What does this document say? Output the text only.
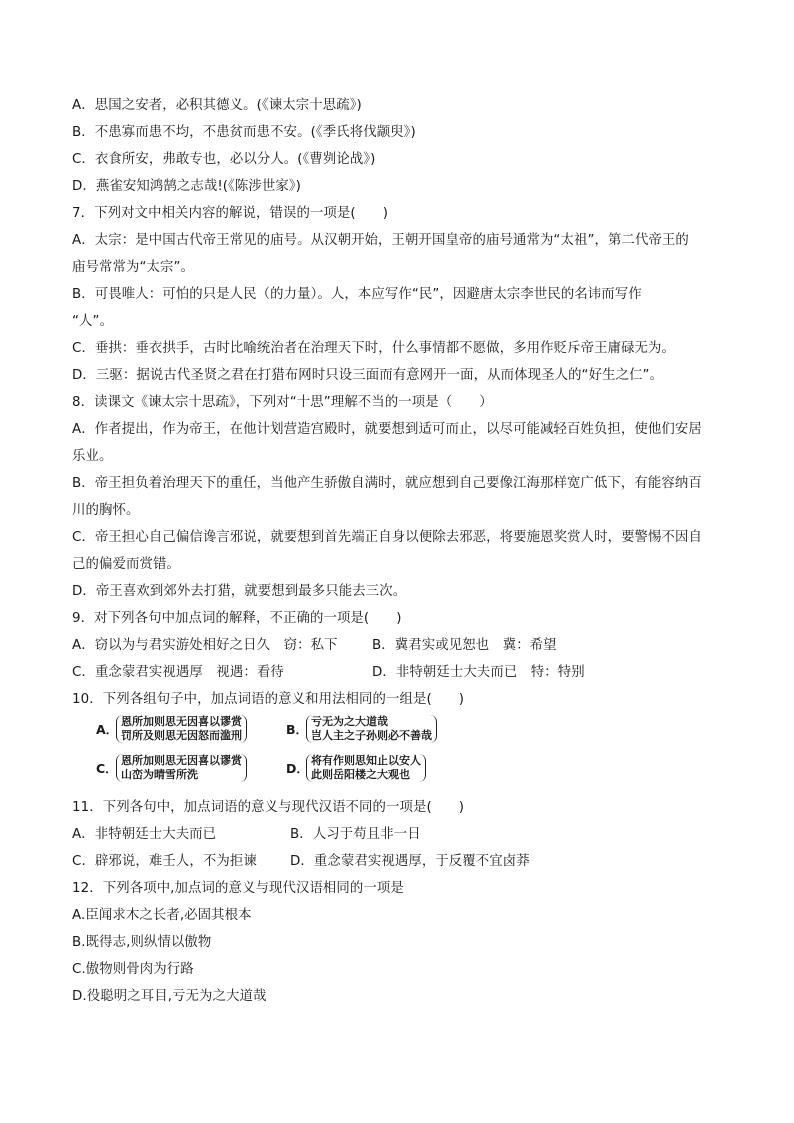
A．思国之安者，必积其德义。(《谏太宗十思疏》)
B．不患寡而患不均，不患贫而患不安。(《季氏将伐颛臾》)
C．衣食所安，弗敢专也，必以分人。(《曹刿论战》)
D．燕雀安知鸿鹄之志哉!(《陈涉世家》)
7．下列对文中相关内容的解说，错误的一项是(　　)
A．太宗：是中国古代帝王常见的庙号。从汉朝开始，王朝开国皇帝的庙号通常为“太祖”，第二代帝王的
庙号常常为“太宗”。
B．可畏唯人：可怕的只是人民（的力量）。人，本应写作“民”，因避唐太宗李世民的名讳而写作
“人”。
C．垂拱：垂衣拱手，古时比喻统治者在治理天下时，什么事情都不愿做，多用作贬斥帝王庸碌无为。
D．三驱：据说古代圣贤之君在打猎布网时只设三面而有意网开一面，从而体现圣人的“好生之仁”。
8．读课文《谏太宗十思疏》，下列对“十思”理解不当的一项是（　　）
A．作者提出，作为帝王，在他计划营造宫殿时，就要想到适可而止，以尽可能减轻百姓负担，使他们安居
乐业。
B．帝王担负着治理天下的重任，当他产生骄傲自满时，就应想到自己要像江海那样宽广低下，有能容纳百
川的胸怀。
C．帝王担心自己偏信谗言邪说，就要想到首先端正自身以便除去邪恶，将要施恩奖赏人时，要警惕不因自
己的偏爱而赏错。
D．帝王喜欢到郊外去打猎，就要想到最多只能去三次。
9．对下列各句中加点词的解释，不正确的一项是(　　)
A．窃以为与君实游处相好之日久　窃：私下	B．冀君实或见恕也　冀：希望
C．重念蒙君实视遇厚　视遇：看待	D．非特朝廷士大夫而已　特：特别
10．下列各组句子中，加点词语的意义和用法相同的一组是(　　)
A．
恩所加则思无因喜以谬赏
罚所及则思无因怒而滥刑	B．
亏无为之大道哉
岂人主之子孙则必不善哉
C．
恩所加则思无因喜以谬赏
山峦为晴雪所洗	D．
将有作则思知止以安人
此则岳阳楼之大观也
11．下列各句中，加点词语的意义与现代汉语不同的一项是(　　)
A．非特朝廷士大夫而已	B．人习于苟且非一日
C．辟邪说，难壬人，不为拒谏	D．重念蒙君实视遇厚，于反覆不宜卤莽
12．下列各项中,加点词的意义与现代汉语相同的一项是
A.臣闻求木之长者,必固其根本
B.既得志,则纵情以傲物
C.傲物则骨肉为行路
D.役聪明之耳目,亏无为之大道哉
